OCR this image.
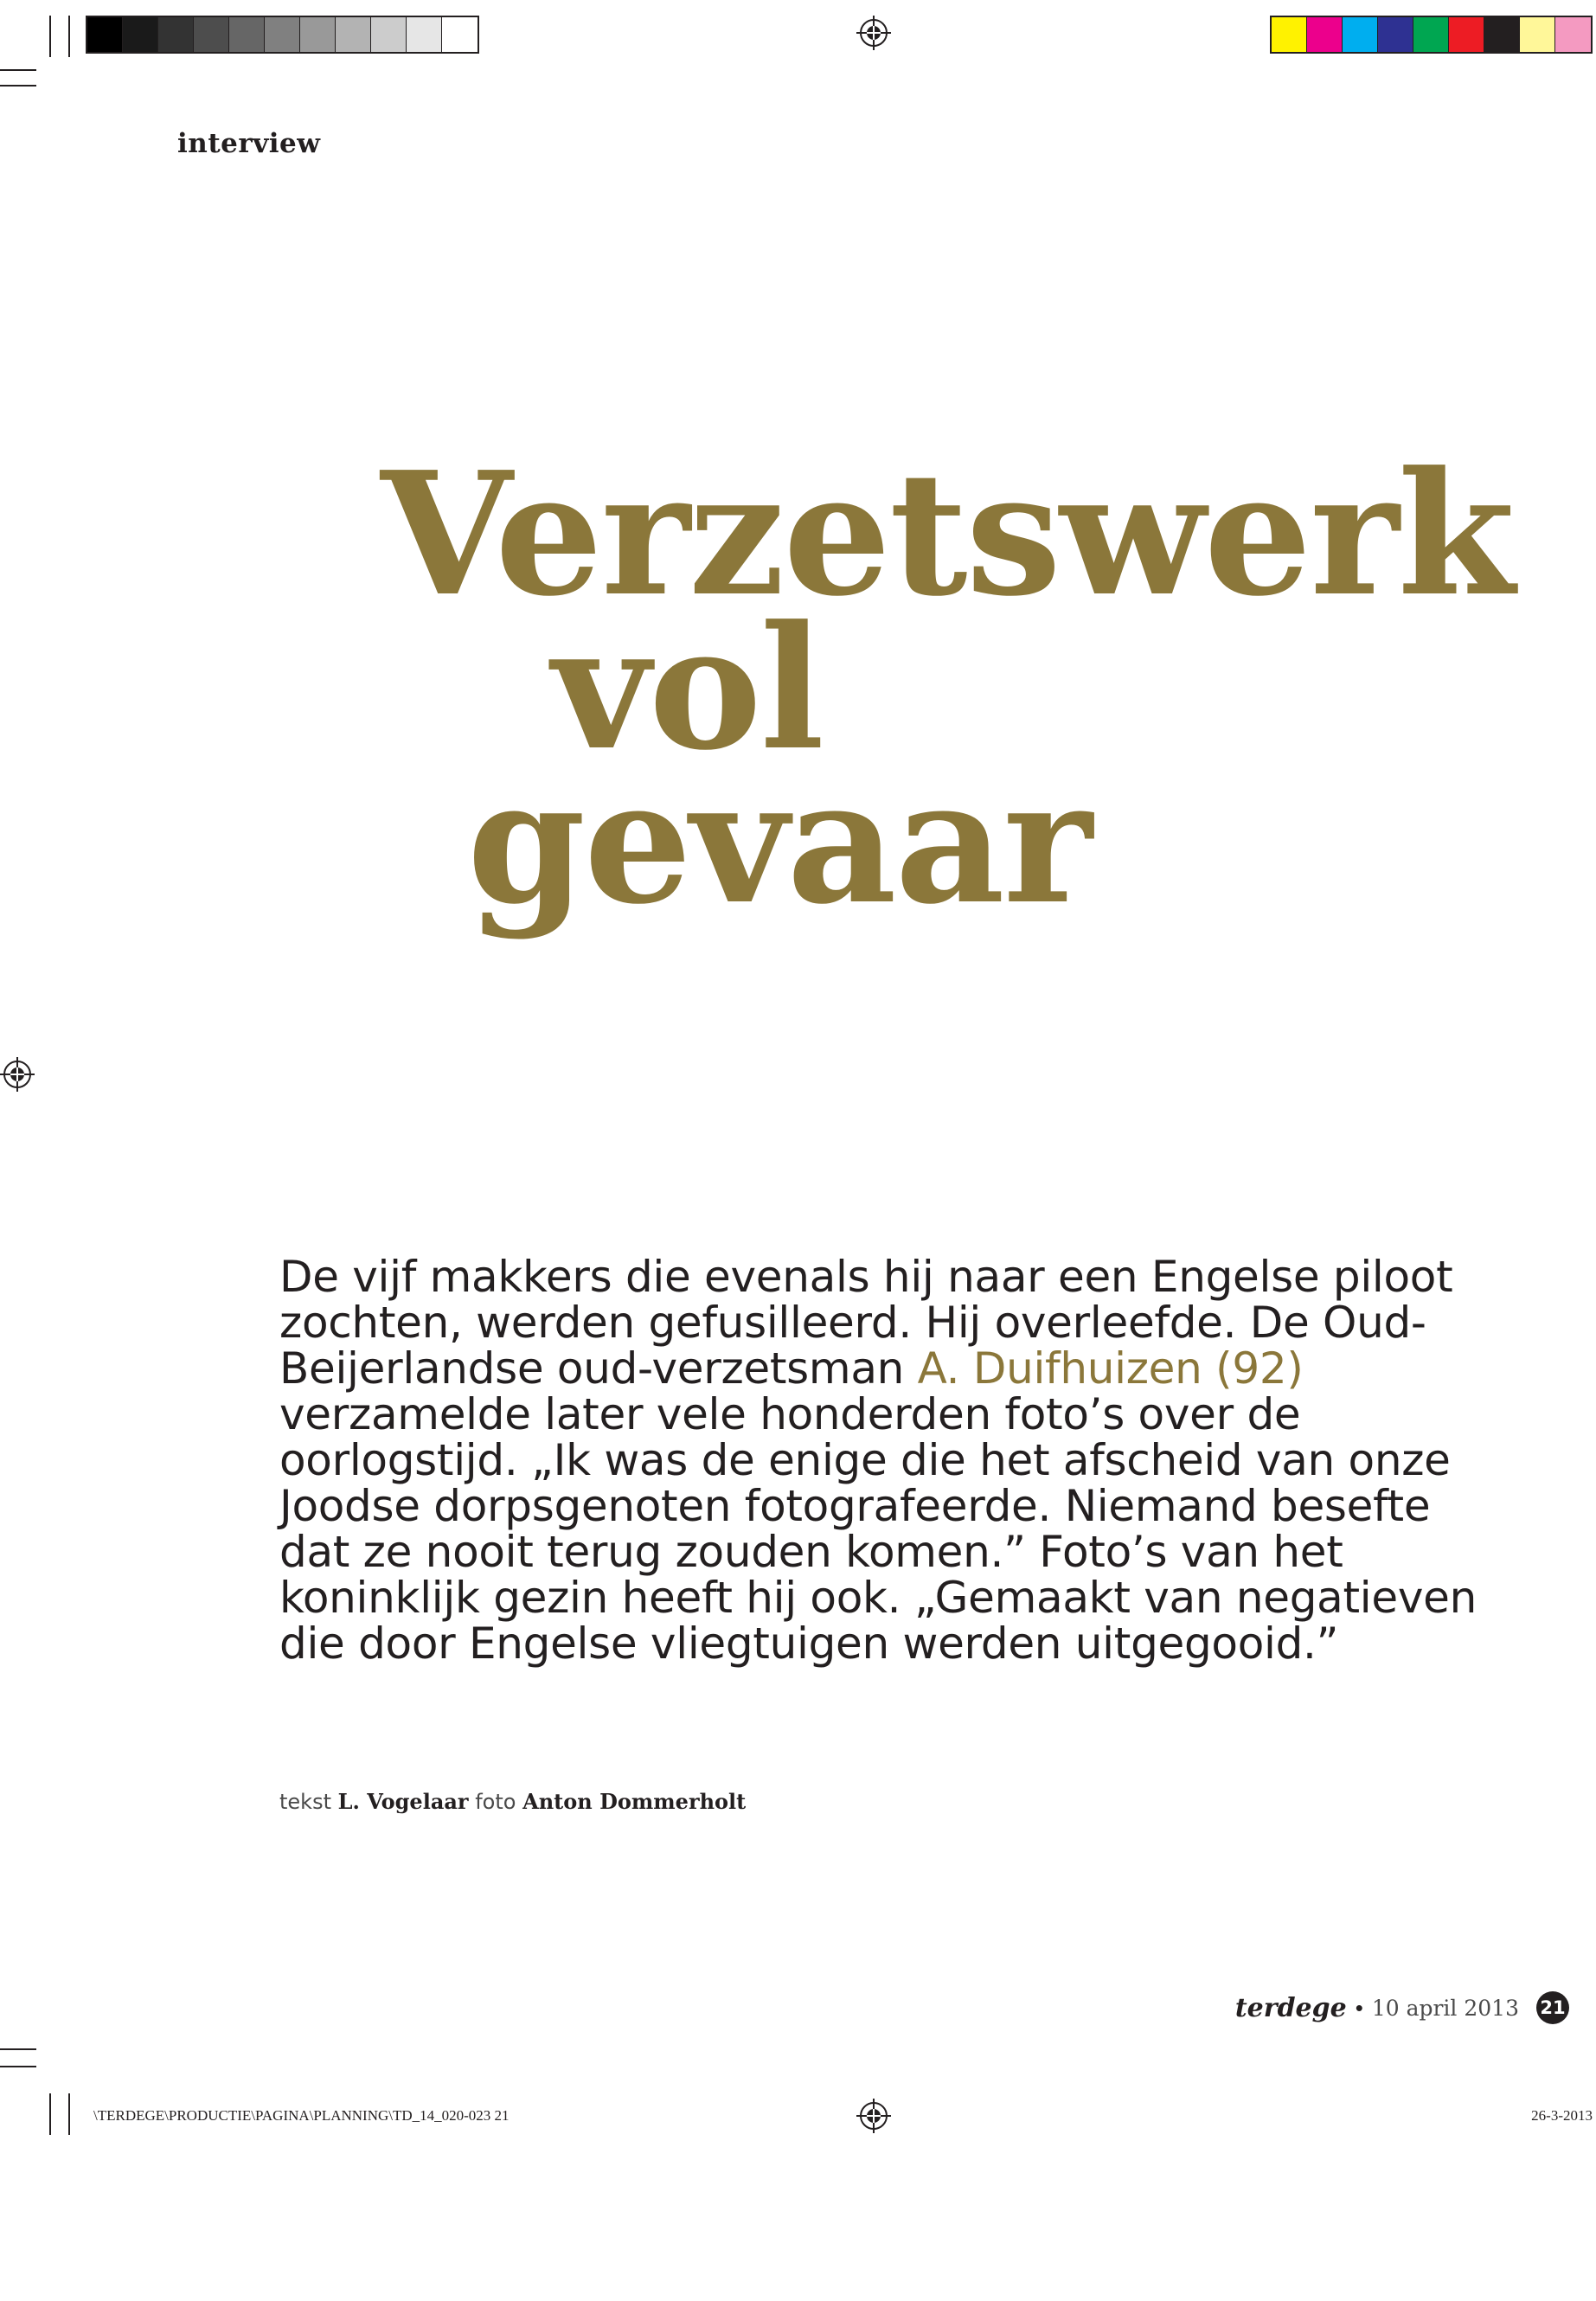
interview
Verzetswerk
vol
gevaar
De vijf makkers die evenals hij naar een Engelse piloot zochten, werden gefusilleerd. Hij overleefde. De Oud-Beijerlandse oud-verzetsman A. Duifhuizen (92) verzamelde later vele honderden foto’s over de oorlogstijd. „Ik was de enige die het afscheid van onze Joodse dorpsgenoten fotografeerde. Niemand besefte dat ze nooit terug zouden komen.” Foto’s van het koninklijk gezin heeft hij ook. „Gemaakt van negatieven die door Engelse vliegtuigen werden uitgegooid.”
tekst L. Vogelaar foto Anton Dommerholt
terdege • 10 april 2013 21
\TERDEGE\PRODUCTIE\PAGINA\PLANNING\TD_14_020-023 21	26-3-2013
